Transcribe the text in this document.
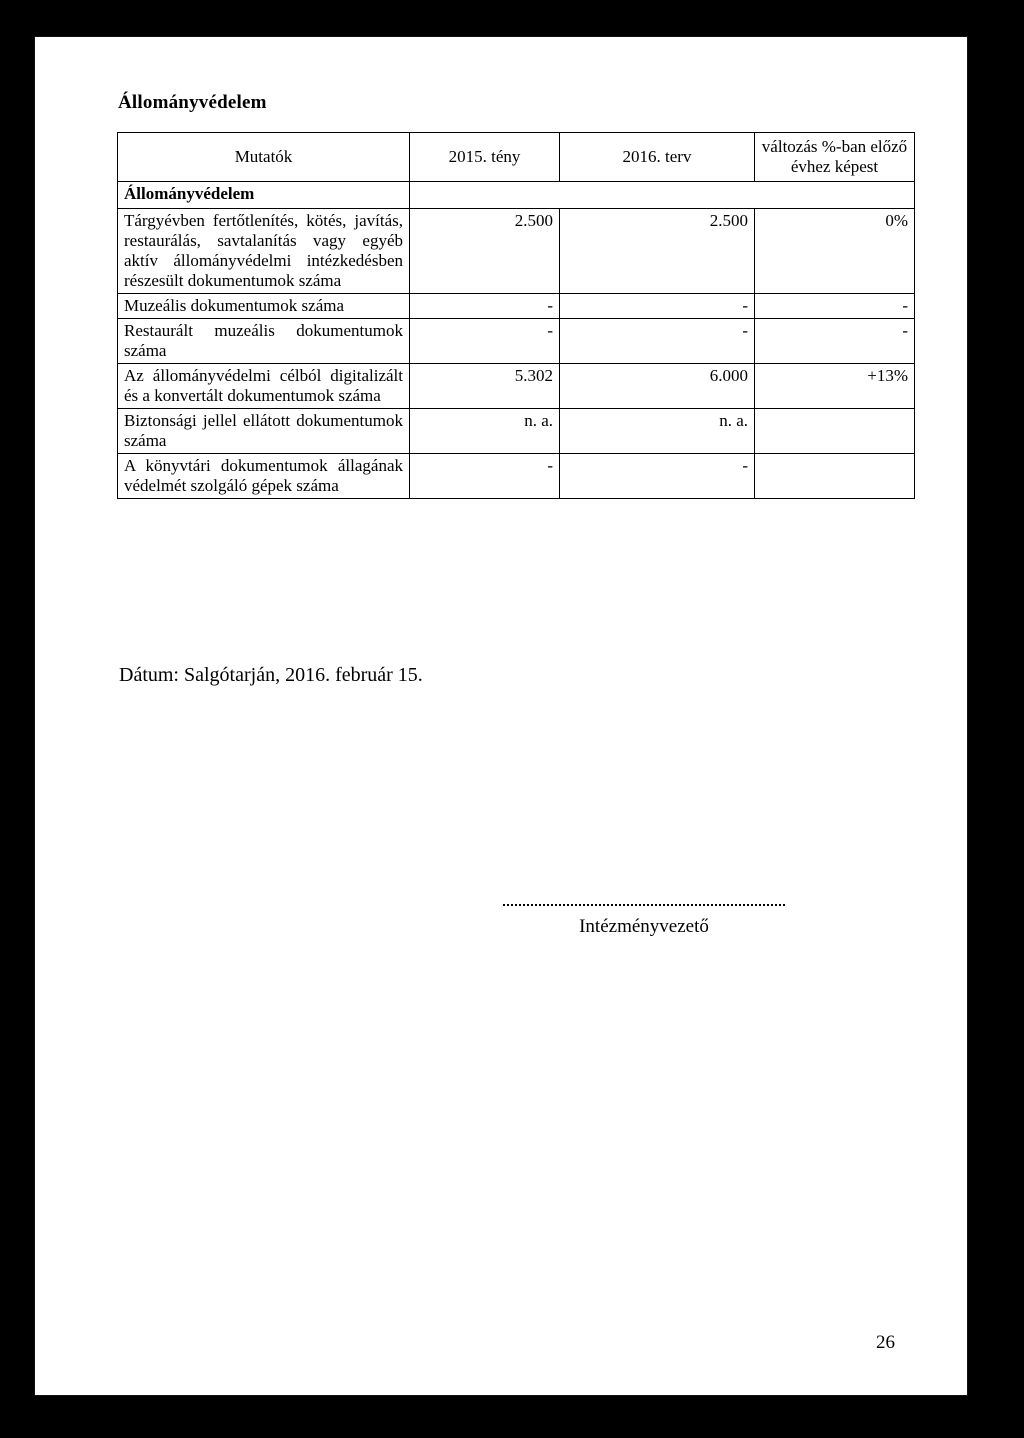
Állományvédelem
Mutatók	2015. tény	2016. terv	változás %-ban előző évhez képest
Állományvédelem			
Tárgyévben fertőtlenítés, kötés, javítás, restaurálás, savtalanítás vagy egyéb aktív állományvédelmi intézkedésben részesült dokumentumok száma	2.500	2.500	0%
Muzeális dokumentumok száma	-	-	-
Restaurált muzeális dokumentumok száma	-	-	-
Az állományvédelmi célból digitalizált és a konvertált dokumentumok száma	5.302	6.000	+13%
Biztonsági jellel ellátott dokumentumok száma	n. a.	n. a.	
A könyvtári dokumentumok állagának védelmét szolgáló gépek száma	-	-	
Dátum: Salgótarján, 2016. február 15.
Intézményvezető
26
